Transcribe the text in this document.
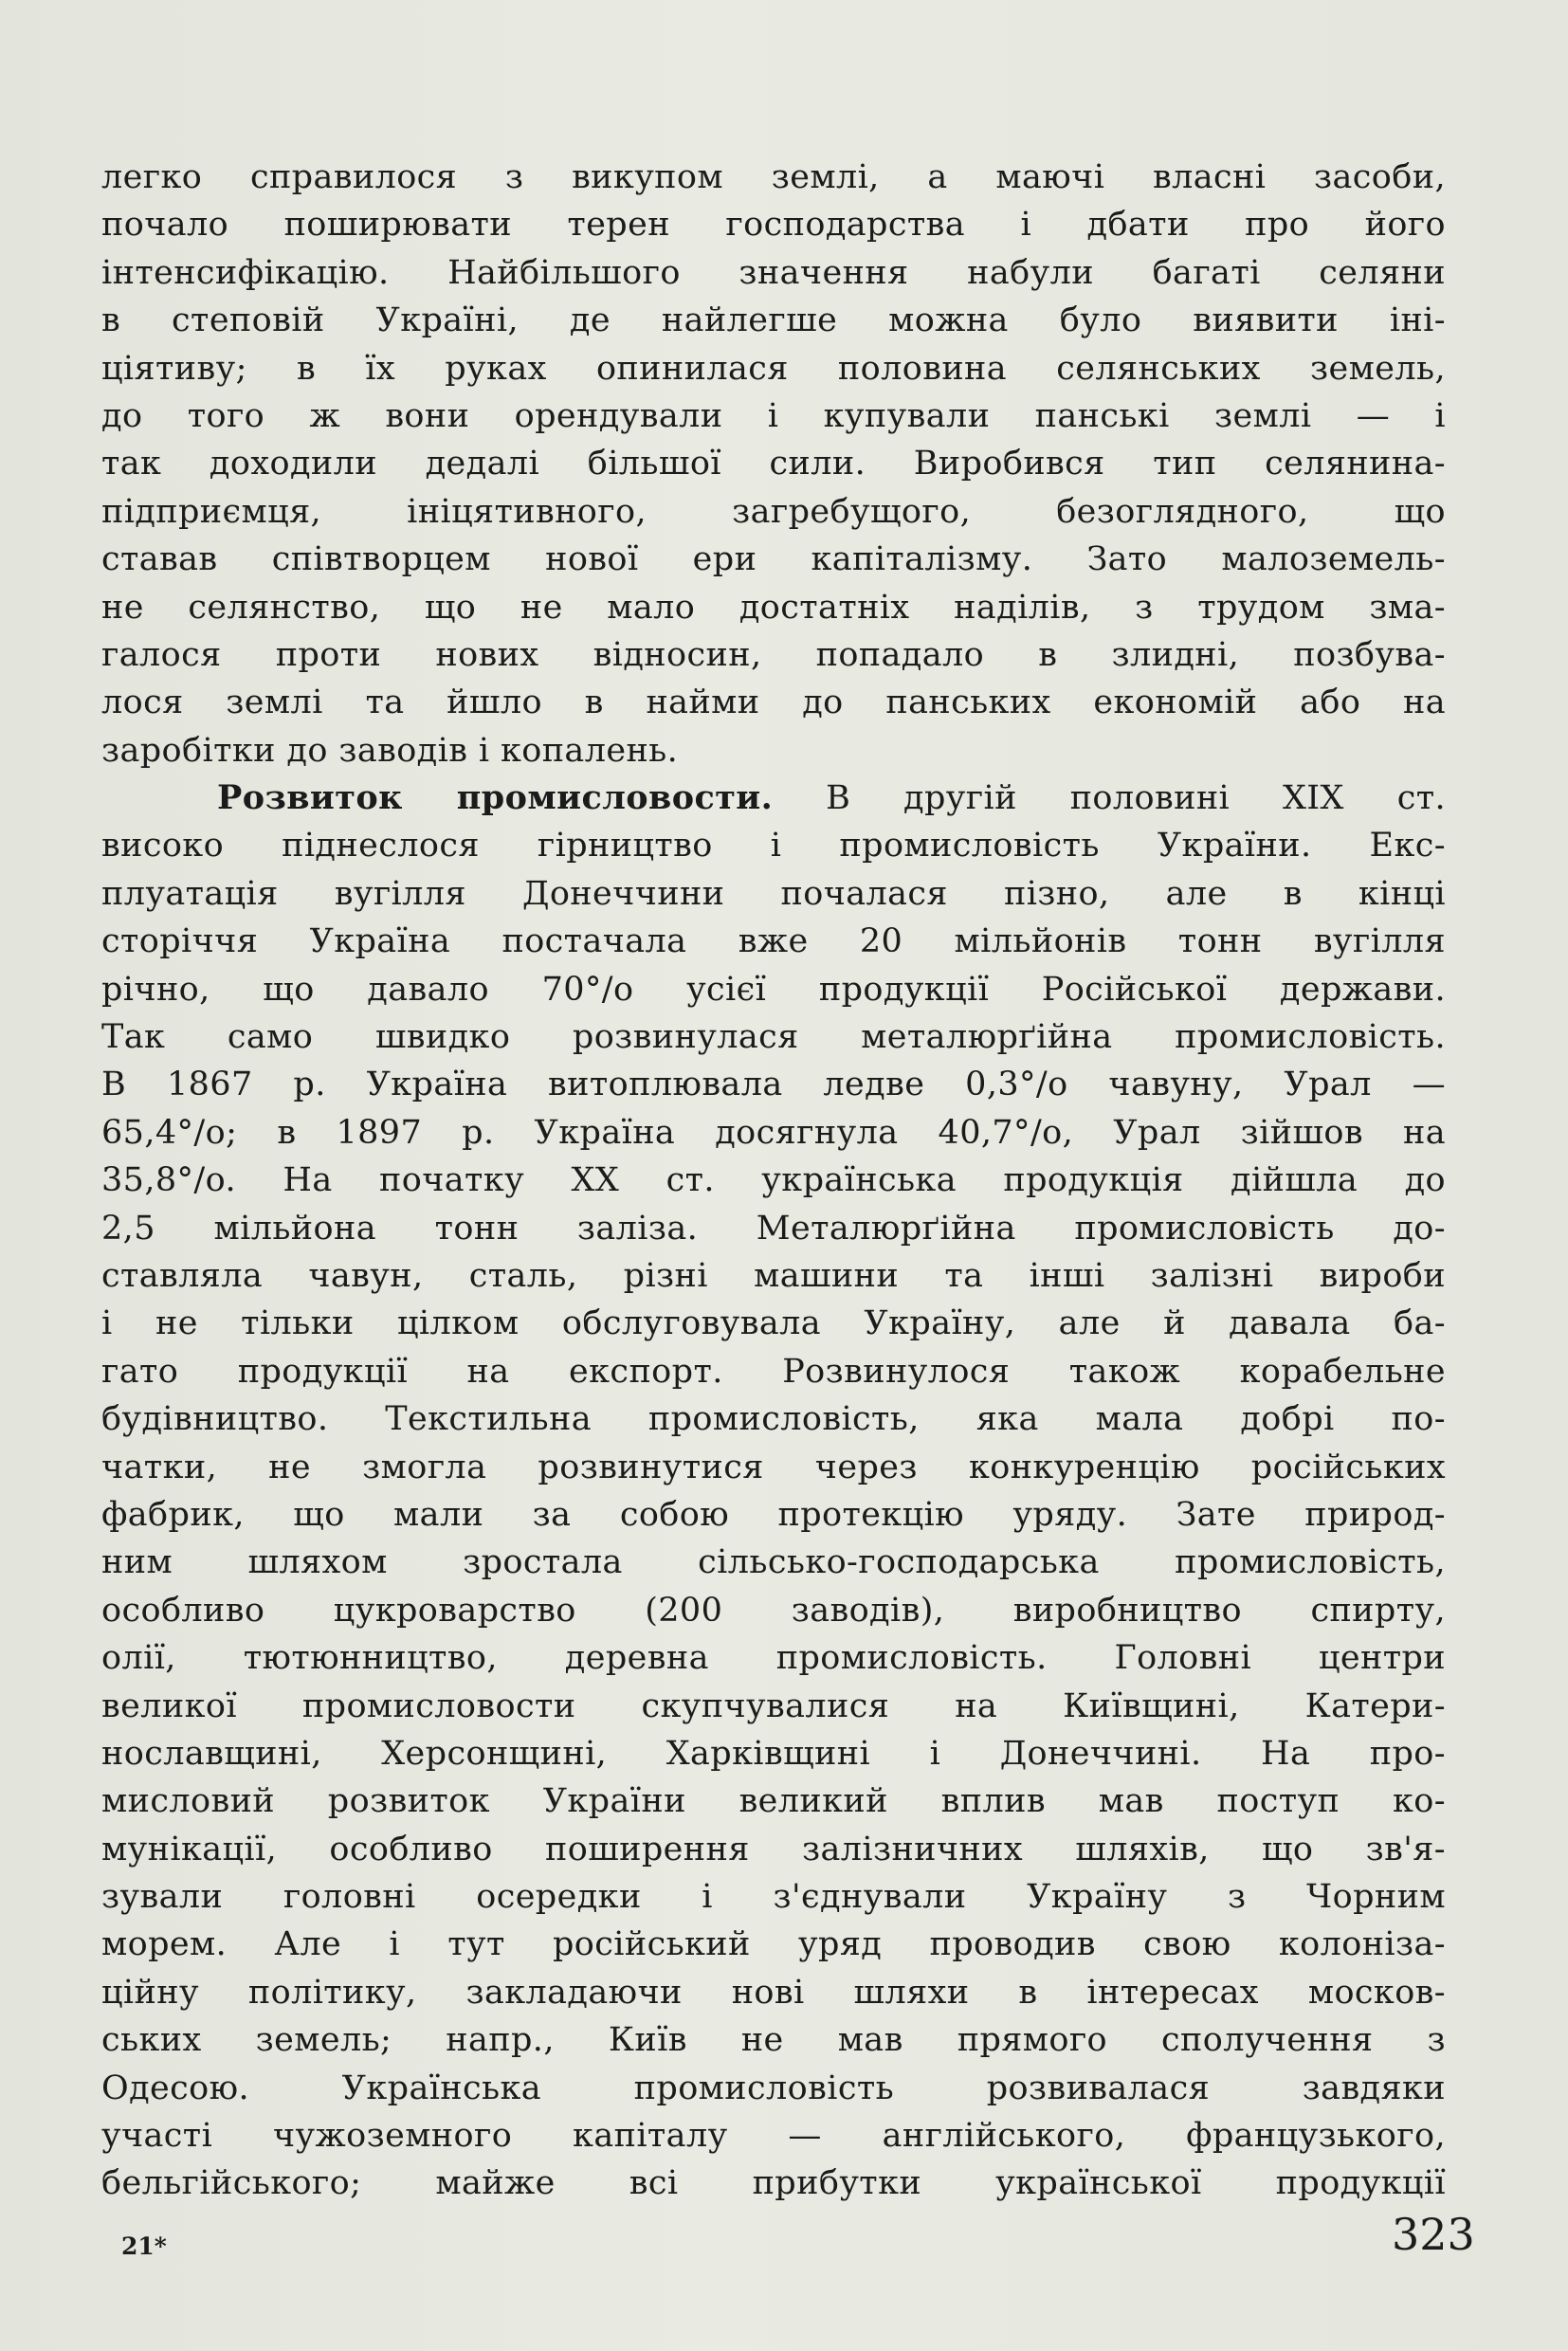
легко справилося з викупом землі, а маючі власні засоби,
почало поширювати терен господарства і дбати про його
інтенсифікацію. Найбільшого значення набули багаті селяни
в степовій Україні, де найлегше можна було виявити іні-
ціятиву; в їх руках опинилася половина селянських земель,
до того ж вони орендували і купували панські землі — і
так доходили дедалі більшої сили. Виробився тип селянина-
підприємця, ініцятивного, загребущого, безоглядного, що
ставав співтворцем нової ери капіталізму. Зато малоземель-
не селянство, що не мало достатніх наділів, з трудом зма-
галося проти нових відносин, попадало в злидні, позбува-
лося землі та йшло в найми до панських економій або на
заробітки до заводів і копалень.
Розвиток промисловости. В другій половині XIX ст.
високо піднеслося гірництво і промисловість України. Екс-
плуатація вугілля Донеччини почалася пізно, але в кінці
сторіччя Україна постачала вже 20 мільйонів тонн вугілля
річно, що давало 70°/o усієї продукції Російської держави.
Так само швидко розвинулася металюрґійна промисловість.
В 1867 р. Україна витоплювала ледве 0,3°/o чавуну, Урал —
65,4°/o; в 1897 р. Україна досягнула 40,7°/o, Урал зійшов на
35,8°/o. На початку XX ст. українська продукція дійшла до
2,5 мільйона тонн заліза. Металюрґійна промисловість до-
ставляла чавун, сталь, різні машини та інші залізні вироби
і не тільки цілком обслуговувала Україну, але й давала ба-
гато продукції на експорт. Розвинулося також корабельне
будівництво. Текстильна промисловість, яка мала добрі по-
чатки, не змогла розвинутися через конкуренцію російських
фабрик, що мали за собою протекцію уряду. Зате природ-
ним шляхом зростала сільсько-господарська промисловість,
особливо цукроварство (200 заводів), виробництво спирту,
олії, тютюнництво, деревна промисловість. Головні центри
великої промисловости скупчувалися на Київщині, Катери-
нославщині, Херсонщині, Харківщині і Донеччині. На про-
мисловий розвиток України великий вплив мав поступ ко-
мунікації, особливо поширення залізничних шляхів, що зв'я-
зували головні осередки і з'єднували Україну з Чорним
морем. Але і тут російський уряд проводив свою колоніза-
ційну політику, закладаючи нові шляхи в інтересах москов-
ських земель; напр., Київ не мав прямого сполучення з
Одесою. Українська промисловість розвивалася завдяки
участі чужоземного капіталу — англійського, французького,
бельгійського; майже всі прибутки української продукції
21*	323
